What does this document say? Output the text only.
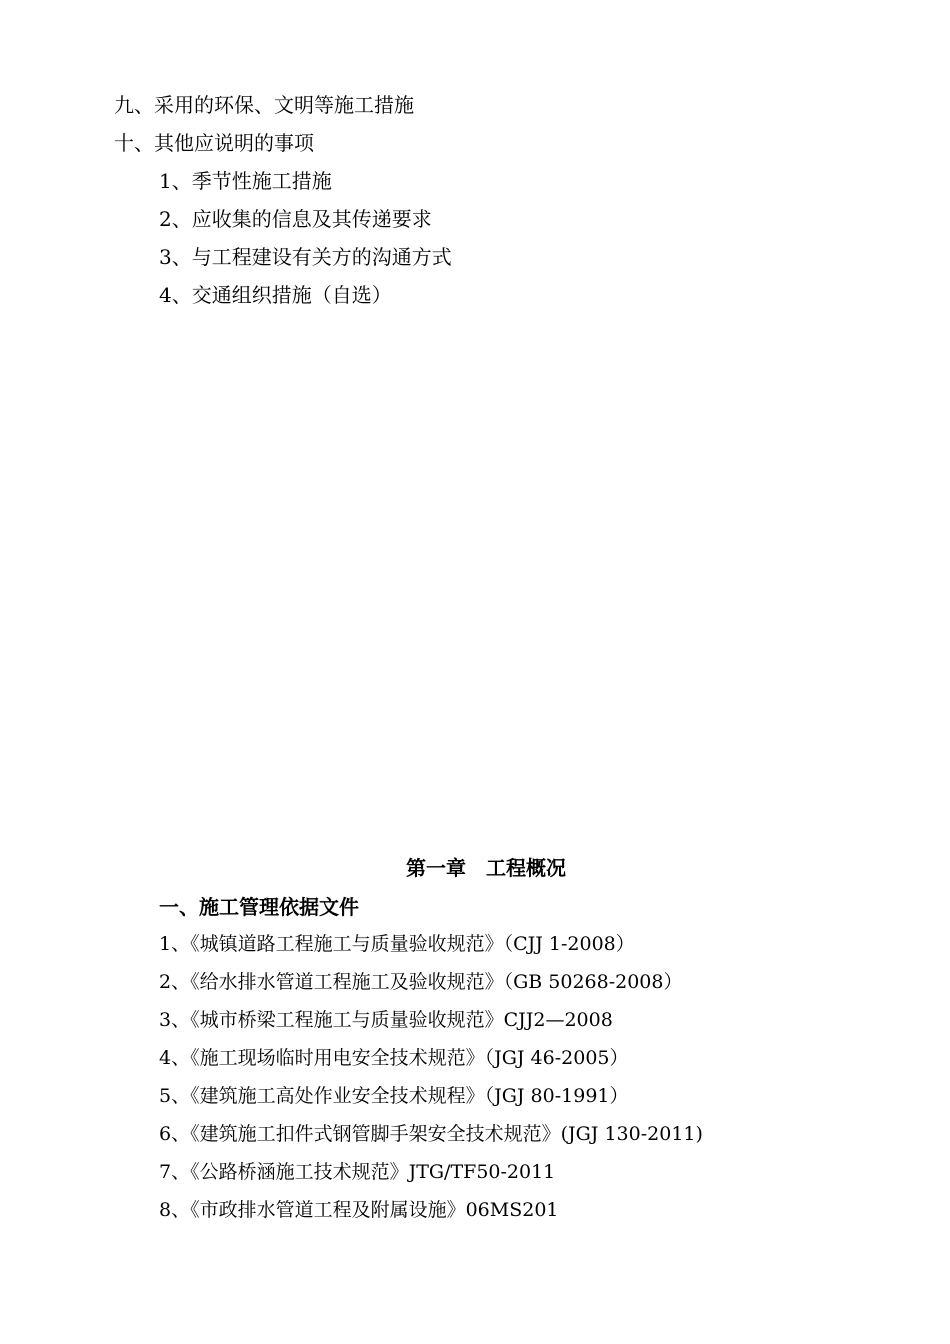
九、采用的环保、文明等施工措施
十、其他应说明的事项
1、季节性施工措施
2、应收集的信息及其传递要求
3、与工程建设有关方的沟通方式
4、交通组织措施（自选）
第一章　工程概况
一、施工管理依据文件
1、《城镇道路工程施工与质量验收规范》（CJJ 1-2008）
2、《给水排水管道工程施工及验收规范》（GB 50268-2008）
3、《城市桥梁工程施工与质量验收规范》CJJ2—2008
4、《施工现场临时用电安全技术规范》（JGJ 46-2005）
5、《建筑施工高处作业安全技术规程》（JGJ 80-1991）
6、《建筑施工扣件式钢管脚手架安全技术规范》(JGJ 130-2011)
7、《公路桥涵施工技术规范》JTG/TF50-2011
8、《市政排水管道工程及附属设施》06MS201
